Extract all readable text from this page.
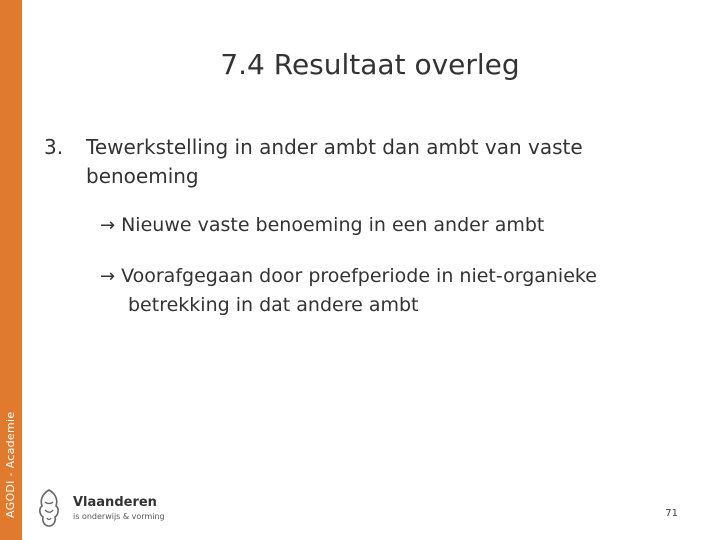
AGODI - Academie
7.4 Resultaat overleg
3. Tewerkstelling in ander ambt dan ambt van vaste
benoeming
→ Nieuwe vaste benoeming in een ander ambt
→ Voorafgegaan door proefperiode in niet-organieke
betrekking in dat andere ambt
Vlaanderen
is onderwijs & vorming	71
